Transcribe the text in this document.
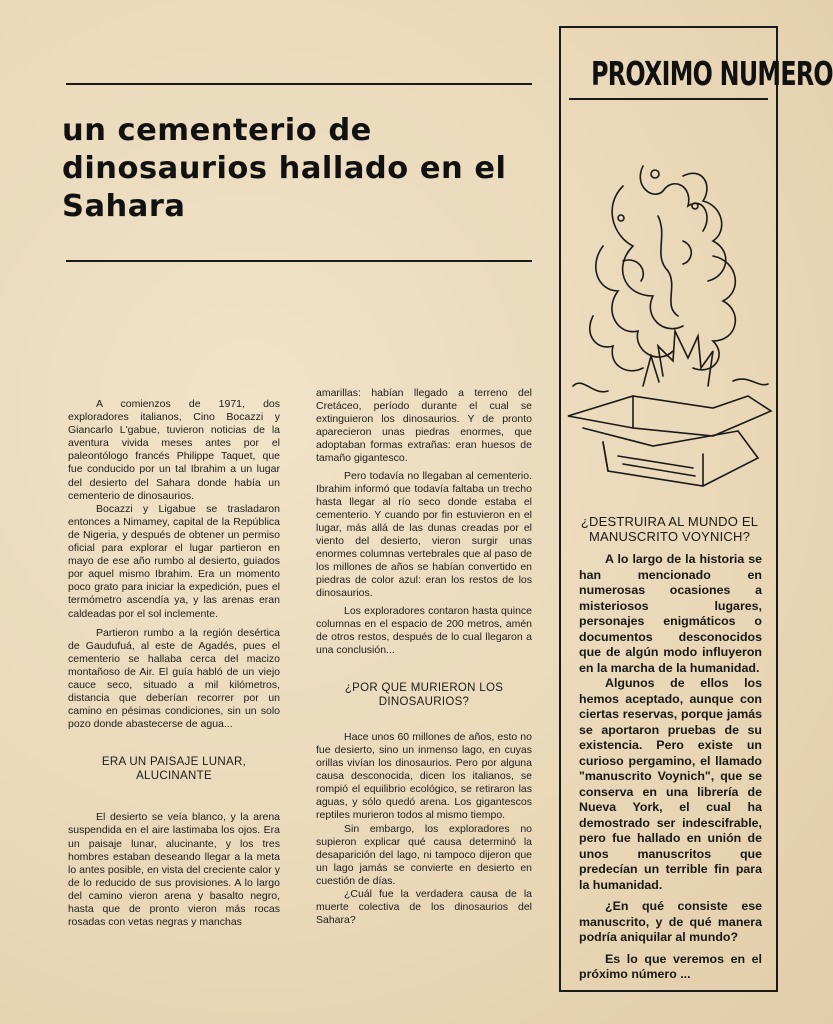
un cementerio de dinosaurios hallado en el Sahara

A comienzos de 1971, dos exploradores italianos, Cino Bocazzi y Giancarlo L'gabue, tuvieron noticias de la aventura vivida meses antes por el paleontólogo francés Philippe Taquet, que fue conducido por un tal Ibrahim a un lugar del desierto del Sahara donde había un cementerio de dinosaurios.

Bocazzi y Ligabue se trasladaron entonces a Nimamey, capital de la República de Nigeria, y después de obtener un permiso oficial para explorar el lugar partieron en mayo de ese año rumbo al desierto, guiados por aquel mismo Ibrahim. Era un momento poco grato para iniciar la expedición, pues el termómetro ascendía ya, y las arenas eran caldeadas por el sol inclemente.

Partieron rumbo a la región desértica de Gaudufuá, al este de Agadés, pues el cementerio se hallaba cerca del macizo montañoso de Air. El guía habló de un viejo cauce seco, situado a mil kilómetros, distancia que deberían recorrer por un camino en pésimas condiciones, sin un solo pozo donde abastecerse de agua...

ERA UN PAISAJE LUNAR, ALUCINANTE

El desierto se veía blanco, y la arena suspendida en el aire lastimaba los ojos. Era un paisaje lunar, alucinante, y los tres hombres estaban deseando llegar a la meta lo antes posible, en vista del creciente calor y de lo reducido de sus provisiones. A lo largo del camino vieron arena y basalto negro, hasta que de pronto vieron más rocas rosadas con vetas negras y manchas

amarillas: habían llegado a terreno del Cretáceo, período durante el cual se extinguieron los dinosaurios. Y de pronto aparecieron unas piedras enormes, que adoptaban formas extrañas: eran huesos de tamaño gigantesco.

Pero todavía no llegaban al cementerio. Ibrahim informó que todavía faltaba un trecho hasta llegar al río seco donde estaba el cementerio. Y cuando por fin estuvieron en el lugar, más allá de las dunas creadas por el viento del desierto, vieron surgir unas enormes columnas vertebrales que al paso de los millones de años se habían convertido en piedras de color azul: eran los restos de los dinosaurios.

Los exploradores contaron hasta quince columnas en el espacio de 200 metros, amén de otros restos, después de lo cual llegaron a una conclusión...

¿POR QUE MURIERON LOS DINOSAURIOS?

Hace unos 60 millones de años, esto no fue desierto, sino un inmenso lago, en cuyas orillas vivían los dinosaurios. Pero por alguna causa desconocida, dicen los italianos, se rompió el equilibrio ecológico, se retiraron las aguas, y sólo quedó arena. Los gigantescos reptiles murieron todos al mismo tiempo.

Sin embargo, los exploradores no supieron explicar qué causa determinó la desaparición del lago, ni tampoco dijeron que un lago jamás se convierte en desierto en cuestión de días.

¿Cuál fue la verdadera causa de la muerte colectiva de los dinosaurios del Sahara?

PROXIMO NUMERO
¿DESTRUIRA AL MUNDO EL MANUSCRITO VOYNICH?

A lo largo de la historia se han mencionado en numerosas ocasiones a misteriosos lugares, personajes enigmáticos o documentos desconocidos que de algún modo influyeron en la marcha de la humanidad.

Algunos de ellos los hemos aceptado, aunque con ciertas reservas, porque jamás se aportaron pruebas de su existencia. Pero existe un curioso pergamino, el llamado "manuscrito Voynich", que se conserva en una librería de Nueva York, el cual ha demostrado ser indescifrable, pero fue hallado en unión de unos manuscritos que predecían un terrible fin para la humanidad.

¿En qué consiste ese manuscrito, y de qué manera podría aniquilar al mundo?

Es lo que veremos en el próximo número ...
